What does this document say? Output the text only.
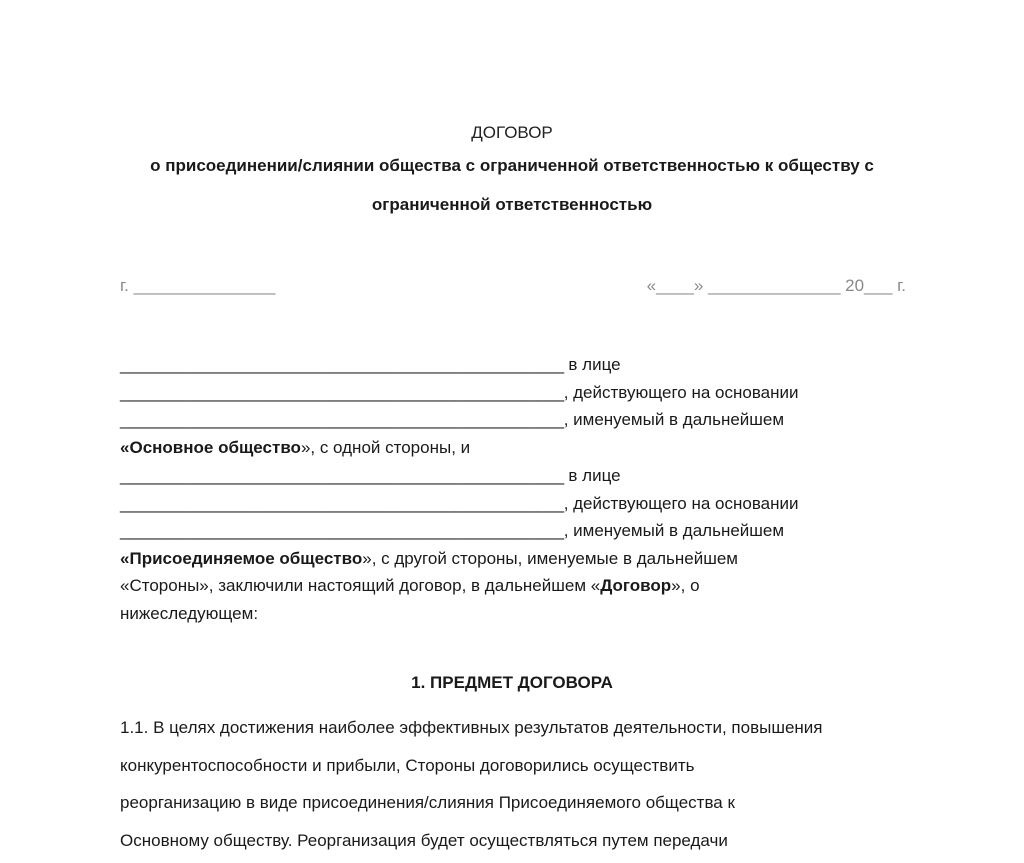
ДОГОВОР
о присоединении/слиянии общества с ограниченной ответственностью к обществу с
ограниченной ответственностью
г. _______________	«____» ______________ 20___ г.
_________________________________________________ в лице
_________________________________________________, действующего на основании
_________________________________________________, именуемый в дальнейшем
«Основное общество», с одной стороны, и
_________________________________________________ в лице
_________________________________________________, действующего на основании
_________________________________________________, именуемый в дальнейшем
«Присоединяемое общество», с другой стороны, именуемые в дальнейшем
«Стороны», заключили настоящий договор, в дальнейшем «Договор», о
нижеследующем:
1. ПРЕДМЕТ ДОГОВОРА
1.1. В целях достижения наиболее эффективных результатов деятельности, повышения
конкурентоспособности и прибыли, Стороны договорились осуществить
реорганизацию в виде присоединения/слияния Присоединяемого общества к
Основному обществу. Реорганизация будет осуществляться путем передачи
